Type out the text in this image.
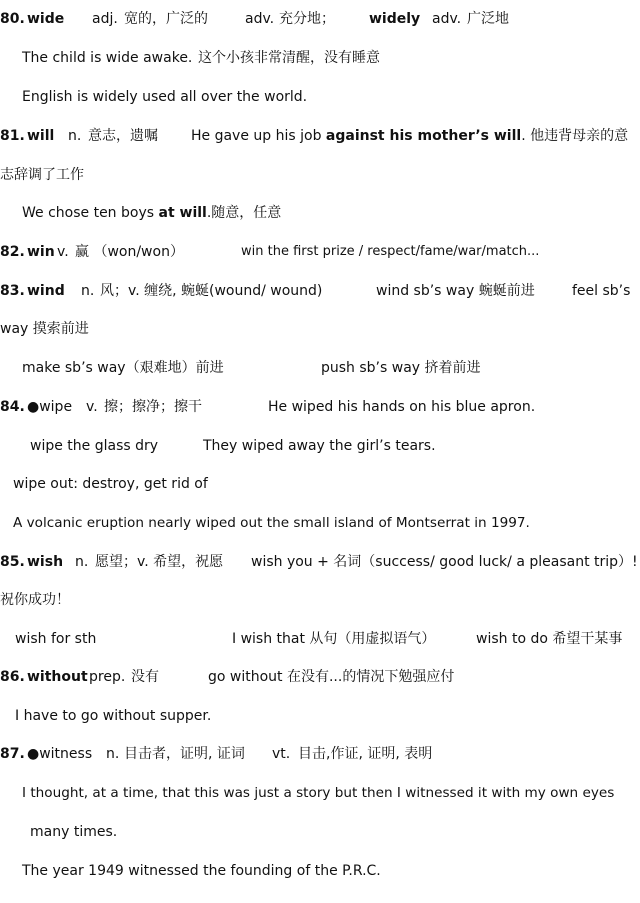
80. wide adj. 宽的，广泛的	adv. 充分地； widely adv. 广泛地
The child is wide awake. 这个小孩非常清醒，没有睡意
English is widely used all over the world.
81. will n. 意志，遗嘱 He gave up his job against his mother’s will. 他违背母亲的意
志辞调了工作
We chose ten boys at will.随意，任意
82. win v. 赢 （won/won）	win the first prize / respect/fame/war/match...
83. wind n. 风；v. 缠绕, 蜿蜒(wound/ wound)	wind sb’s way 蜿蜒前进	feel sb’s
way 摸索前进
make sb’s way（艰难地）前进	push sb’s way 挤着前进
84. ●wipe v. 擦；擦净；擦干	He wiped his hands on his blue apron.
wipe the glass dry	They wiped away the girl’s tears.
wipe out: destroy, get rid of
A volcanic eruption nearly wiped out the small island of Montserrat in 1997.
85. wish n. 愿望；v. 希望，祝愿 wish you + 名词（success/ good luck/ a pleasant trip）!
祝你成功！
wish for sth	I wish that 从句（用虚拟语气）	wish to do 希望干某事
86. without prep. 没有	go without 在没有...的情况下勉强应付
I have to go without supper.
87. ●witness n. 目击者，证明, 证词 vt. 目击,作证, 证明, 表明
I thought, at a time, that this was just a story but then I witnessed it with my own eyes
many times.
The year 1949 witnessed the founding of the P.R.C.
